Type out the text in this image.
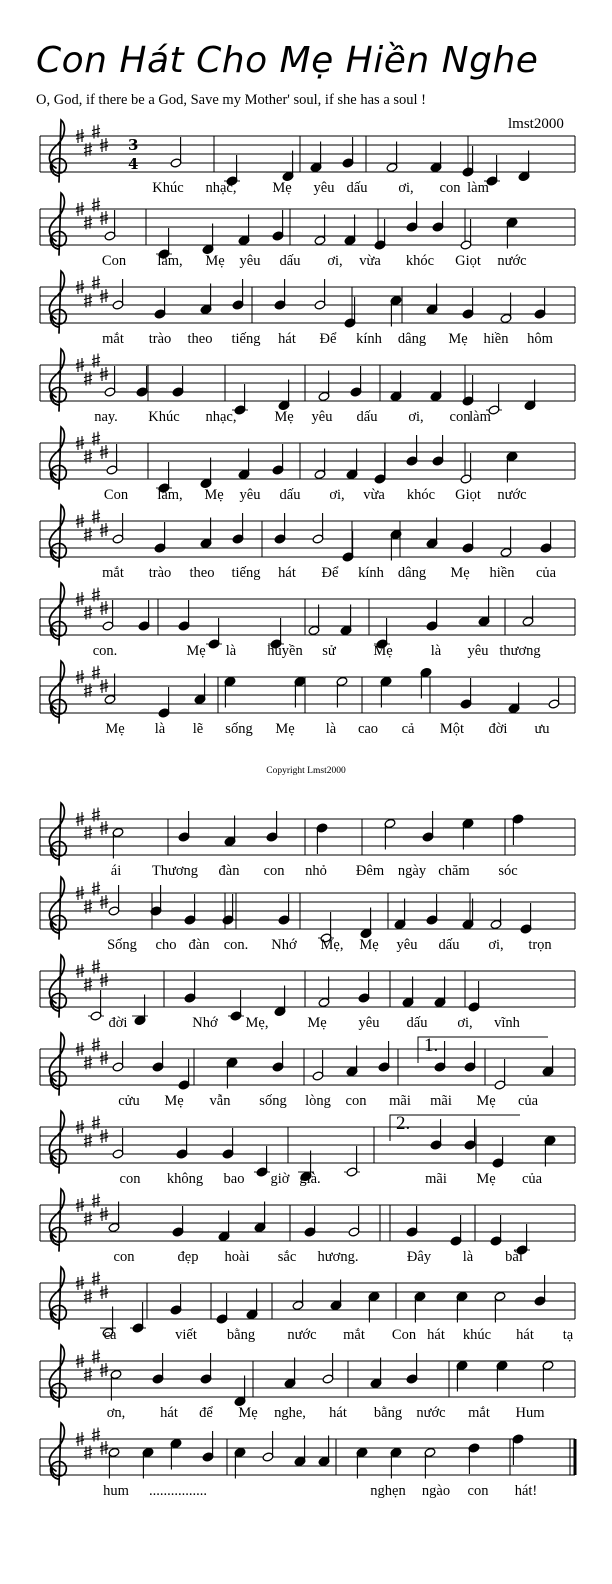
Con Hát Cho Mẹ Hiền Nghe
O, God, if there be a God, Save my Mother' soul, if she has a soul !
lmst2000
Copyright Lmst2000
3
4
Khúc nhạc, Mẹ yêu dấu ơi, con làm
Con làm, Mẹ yêu dấu ơi, vừa khóc Giọt nước
mắt trào theo tiếng hát Để kính dâng Mẹ hiền hôm
nay. Khúc nhạc,	Mẹ yêu dấu ơi, con
làm
Con làm, Mẹ yêu dấu ơi, vừa khóc Giọt nước
mắt trào theo tiếng hát Để kính dâng Mẹ hiền của
con.	Mẹ là huyền sử	Mẹ	là yêu thương
Mẹ là lẽ sống Mẹ là cao cả Một đời ưu
ái Thương đàn con nhỏ Đêm ngày chăm sóc
Sống cho đàn con. Nhớ Mẹ, Mẹ yêu dấu ơi, trọn
đời	Nhớ Mẹ,	Mẹ yêu dấu ơi, vĩnh
cửu Mẹ vẫn sống lòng con mãi mãi Mẹ của
1.
con không bao giờ già.	mãi Mẹ của
2.
con	đẹp hoài sắc hương.	Đây là bài
ca	viết bằng nước mắt Con hát khúc hát tạ
ơn, hát để Mẹ nghe, hát bằng nước mắt Hum
hum ................	nghẹn ngào con hát!
